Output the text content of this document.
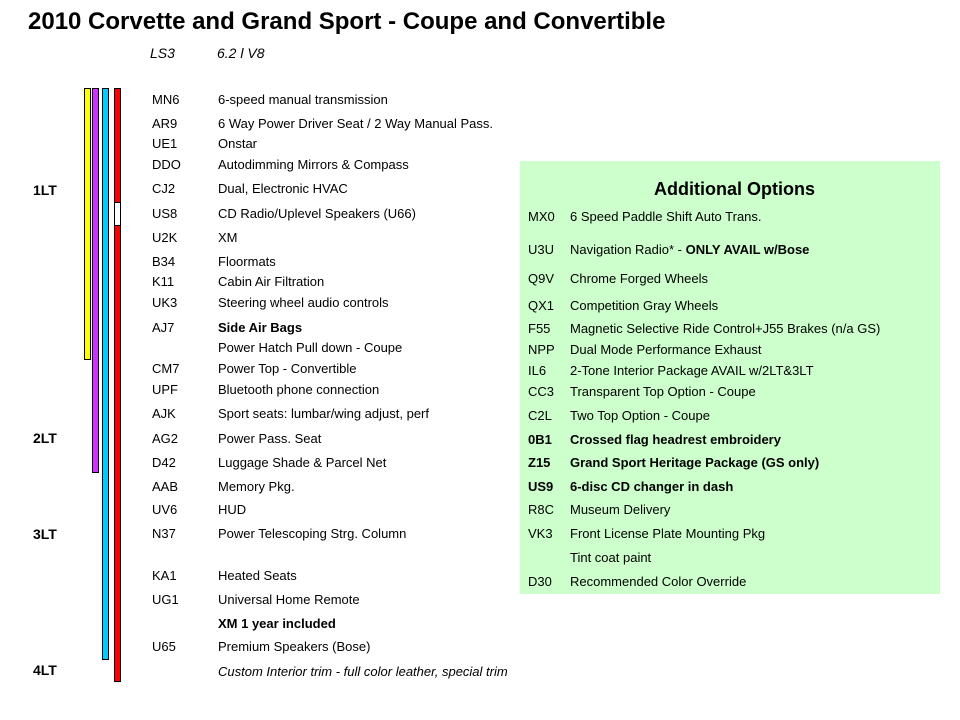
2010 Corvette and Grand Sport - Coupe and Convertible
LS3	6.2 l V8
1LT
2LT
3LT
4LT
MN6	6-speed manual transmission
AR9	6 Way Power Driver Seat / 2 Way Manual Pass.
UE1	Onstar
DDO	Autodimming Mirrors & Compass
CJ2	Dual, Electronic HVAC
US8	CD Radio/Uplevel Speakers (U66)
U2K	XM
B34	Floormats
K11	Cabin Air Filtration
UK3	Steering wheel audio controls
AJ7	Side Air Bags
Power Hatch Pull down - Coupe
CM7	Power Top - Convertible
UPF	Bluetooth phone connection
AJK	Sport seats: lumbar/wing adjust, perf
AG2	Power Pass. Seat
D42	Luggage Shade & Parcel Net
AAB	Memory Pkg.
UV6	HUD
N37	Power Telescoping Strg. Column
KA1	Heated Seats
UG1	Universal Home Remote
XM 1 year included
U65	Premium Speakers (Bose)
Custom Interior trim - full color leather, special trim
Additional Options
MX0	6 Speed Paddle Shift Auto Trans.
U3U	Navigation Radio* - ONLY AVAIL w/Bose
Q9V	Chrome Forged Wheels
QX1	Competition Gray Wheels
F55	Magnetic Selective Ride Control+J55 Brakes (n/a GS)
NPP	Dual Mode Performance Exhaust
IL6	2-Tone Interior Package AVAIL w/2LT&3LT
CC3	Transparent Top Option - Coupe
C2L	Two Top Option - Coupe
0B1	Crossed flag headrest embroidery
Z15	Grand Sport Heritage Package (GS only)
US9	6-disc CD changer in dash
R8C	Museum Delivery
VK3	Front License Plate Mounting Pkg
Tint coat paint
D30	Recommended Color Override
